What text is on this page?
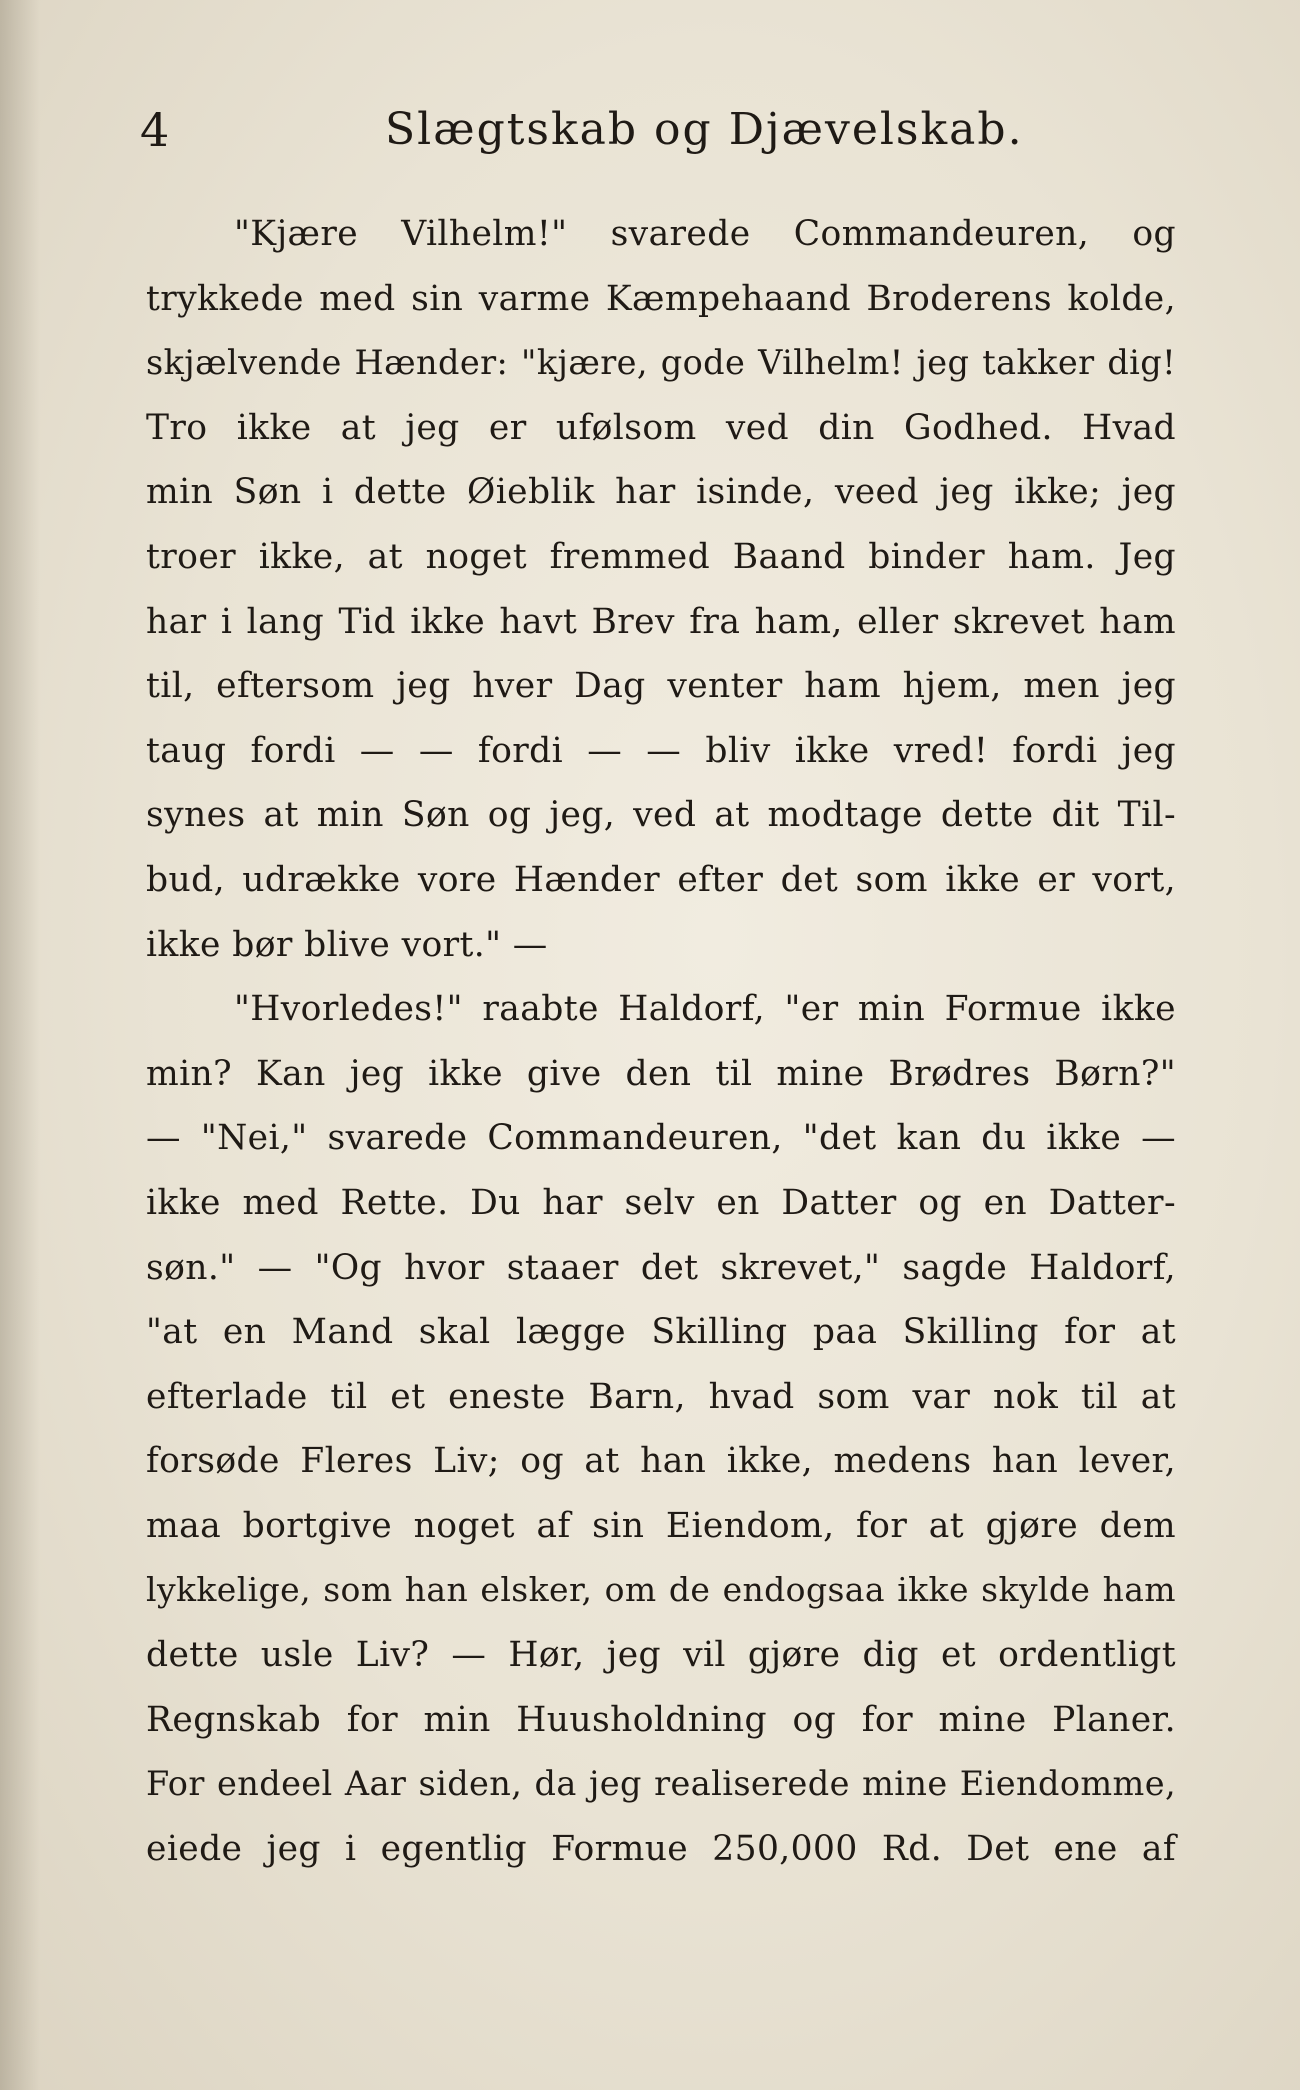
4	Slægtskab og Djævelskab.
"Kjære Vilhelm!" svarede Commandeuren, og
trykkede med sin varme Kæmpehaand Broderens kolde,
skjælvende Hænder: "kjære, gode Vilhelm! jeg takker dig!
Tro ikke at jeg er ufølsom ved din Godhed. Hvad
min Søn i dette Øieblik har isinde, veed jeg ikke; jeg
troer ikke, at noget fremmed Baand binder ham. Jeg
har i lang Tid ikke havt Brev fra ham, eller skrevet ham
til, eftersom jeg hver Dag venter ham hjem, men jeg
taug fordi — — fordi — — bliv ikke vred! fordi jeg
synes at min Søn og jeg, ved at modtage dette dit Til-
bud, udrække vore Hænder efter det som ikke er vort,
ikke bør blive vort." —
"Hvorledes!" raabte Haldorf, "er min Formue ikke
min? Kan jeg ikke give den til mine Brødres Børn?"
— "Nei," svarede Commandeuren, "det kan du ikke —
ikke med Rette. Du har selv en Datter og en Datter-
søn." — "Og hvor staaer det skrevet," sagde Haldorf,
"at en Mand skal lægge Skilling paa Skilling for at
efterlade til et eneste Barn, hvad som var nok til at
forsøde Fleres Liv; og at han ikke, medens han lever,
maa bortgive noget af sin Eiendom, for at gjøre dem
lykkelige, som han elsker, om de endogsaa ikke skylde ham
dette usle Liv? — Hør, jeg vil gjøre dig et ordentligt
Regnskab for min Huusholdning og for mine Planer.
For endeel Aar siden, da jeg realiserede mine Eiendomme,
eiede jeg i egentlig Formue 250,000 Rd. Det ene af
